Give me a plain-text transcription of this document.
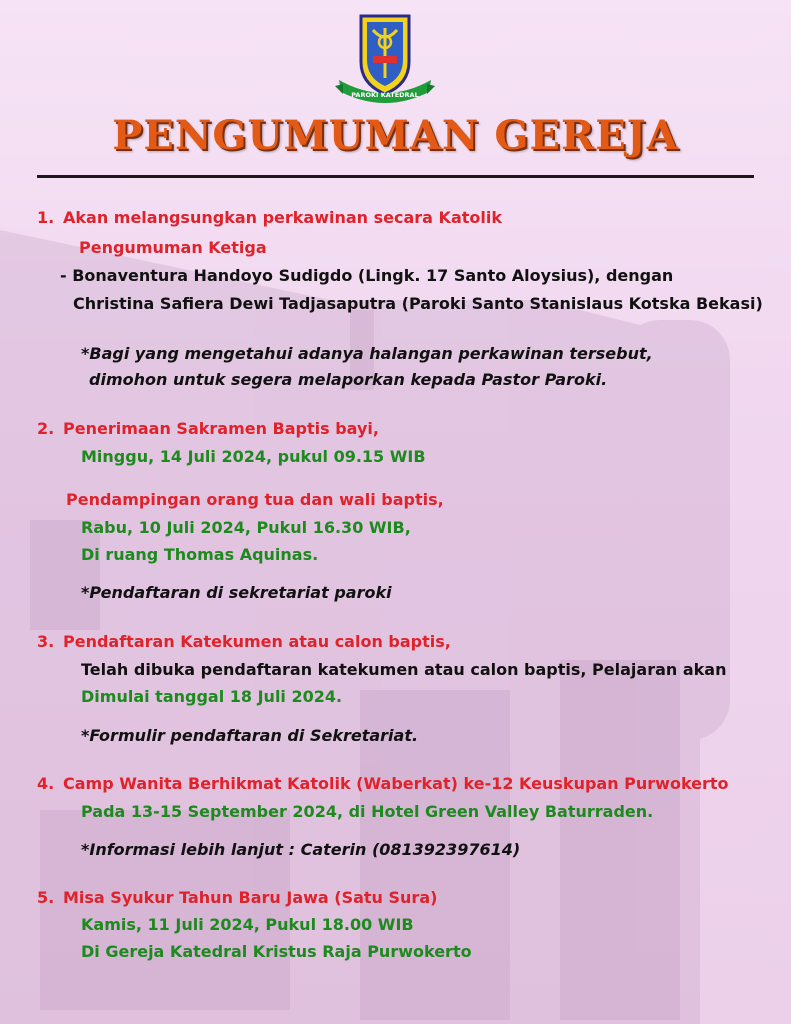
PAROKI KATEDRAL
PENGUMUMAN GEREJA
1. Akan melangsungkan perkawinan secara Katolik
Pengumuman Ketiga
- Bonaventura Handoyo Sudigdo (Lingk. 17 Santo Aloysius), dengan
Christina Safiera Dewi Tadjasaputra (Paroki Santo Stanislaus Kotska Bekasi)
*Bagi yang mengetahui adanya halangan perkawinan tersebut,
dimohon untuk segera melaporkan kepada Pastor Paroki.
2. Penerimaan Sakramen Baptis bayi,
Minggu, 14 Juli 2024, pukul 09.15 WIB
Pendampingan orang tua dan wali baptis,
Rabu, 10 Juli 2024, Pukul 16.30 WIB,
Di ruang Thomas Aquinas.
*Pendaftaran di sekretariat paroki
3. Pendaftaran Katekumen atau calon baptis,
Telah dibuka pendaftaran katekumen atau calon baptis, Pelajaran akan
Dimulai tanggal 18 Juli 2024.
*Formulir pendaftaran di Sekretariat.
4. Camp Wanita Berhikmat Katolik (Waberkat) ke-12 Keuskupan Purwokerto
Pada 13-15 September 2024, di Hotel Green Valley Baturraden.
*Informasi lebih lanjut : Caterin (081392397614)
5. Misa Syukur Tahun Baru Jawa (Satu Sura)
Kamis, 11 Juli 2024, Pukul 18.00 WIB
Di Gereja Katedral Kristus Raja Purwokerto
